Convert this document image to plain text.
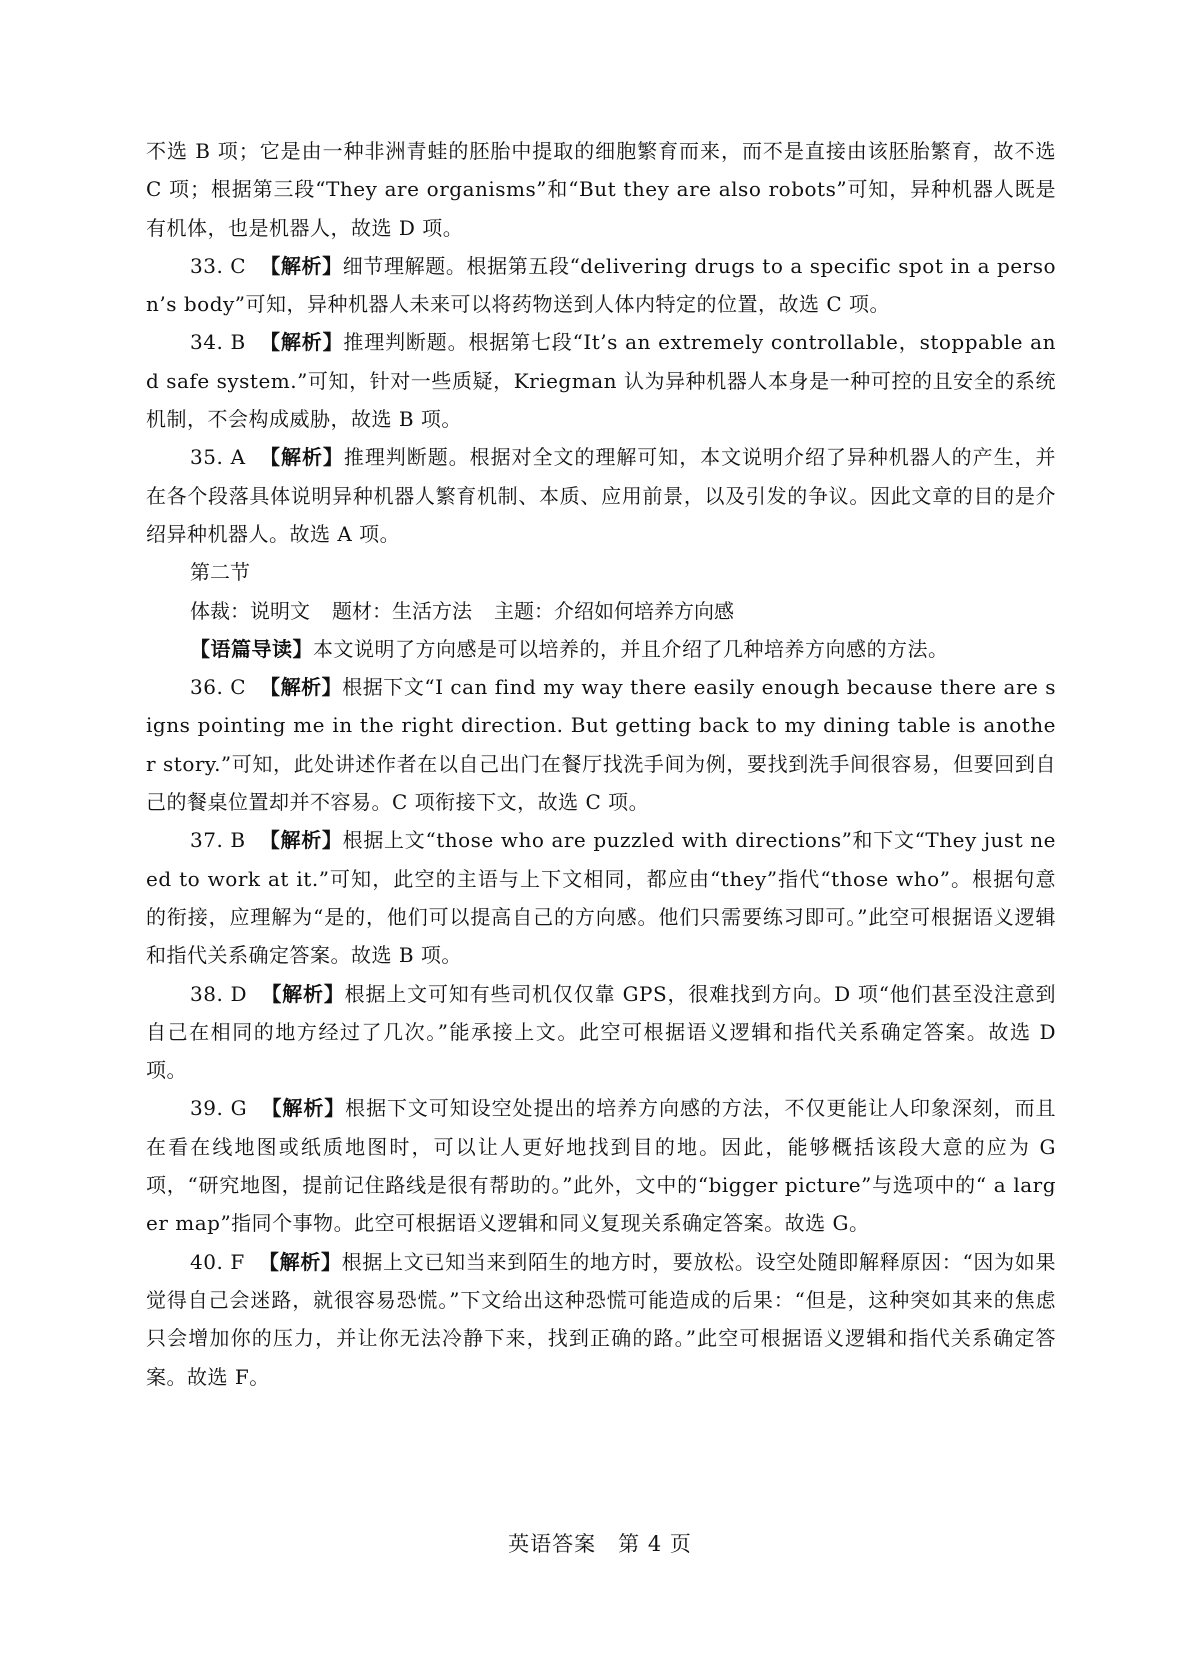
不选 B 项；它是由一种非洲青蛙的胚胎中提取的细胞繁育而来，而不是直接由该胚胎繁育，故不选 C 项；根据第三段“They are organisms”和“But they are also robots”可知，异种机器人既是有机体，也是机器人，故选 D 项。

33. C 【解析】细节理解题。根据第五段“delivering drugs to a specific spot in a person’s body”可知，异种机器人未来可以将药物送到人体内特定的位置，故选 C 项。

34. B 【解析】推理判断题。根据第七段“It’s an extremely controllable，stoppable and safe system.”可知，针对一些质疑，Kriegman 认为异种机器人本身是一种可控的且安全的系统机制，不会构成威胁，故选 B 项。

35. A 【解析】推理判断题。根据对全文的理解可知，本文说明介绍了异种机器人的产生，并在各个段落具体说明异种机器人繁育机制、本质、应用前景，以及引发的争议。因此文章的目的是介绍异种机器人。故选 A 项。

第二节

体裁：说明文 题材：生活方法 主题：介绍如何培养方向感

【语篇导读】本文说明了方向感是可以培养的，并且介绍了几种培养方向感的方法。

36. C 【解析】根据下文“I can find my way there easily enough because there are signs pointing me in the right direction. But getting back to my dining table is another story.”可知，此处讲述作者在以自己出门在餐厅找洗手间为例，要找到洗手间很容易，但要回到自己的餐桌位置却并不容易。C 项衔接下文，故选 C 项。

37. B 【解析】根据上文“those who are puzzled with directions”和下文“They just need to work at it.”可知，此空的主语与上下文相同，都应由“they”指代“those who”。根据句意的衔接，应理解为“是的，他们可以提高自己的方向感。他们只需要练习即可。”此空可根据语义逻辑和指代关系确定答案。故选 B 项。

38. D 【解析】根据上文可知有些司机仅仅靠 GPS，很难找到方向。D 项“他们甚至没注意到自己在相同的地方经过了几次。”能承接上文。此空可根据语义逻辑和指代关系确定答案。故选 D 项。

39. G 【解析】根据下文可知设空处提出的培养方向感的方法，不仅更能让人印象深刻，而且在看在线地图或纸质地图时，可以让人更好地找到目的地。因此，能够概括该段大意的应为 G 项，“研究地图，提前记住路线是很有帮助的。”此外，文中的“bigger picture”与选项中的“ a larger map”指同个事物。此空可根据语义逻辑和同义复现关系确定答案。故选 G。

40. F 【解析】根据上文已知当来到陌生的地方时，要放松。设空处随即解释原因：“因为如果觉得自己会迷路，就很容易恐慌。”下文给出这种恐慌可能造成的后果：“但是，这种突如其来的焦虑只会增加你的压力，并让你无法冷静下来，找到正确的路。”此空可根据语义逻辑和指代关系确定答案。故选 F。

英语答案　第 4 页
